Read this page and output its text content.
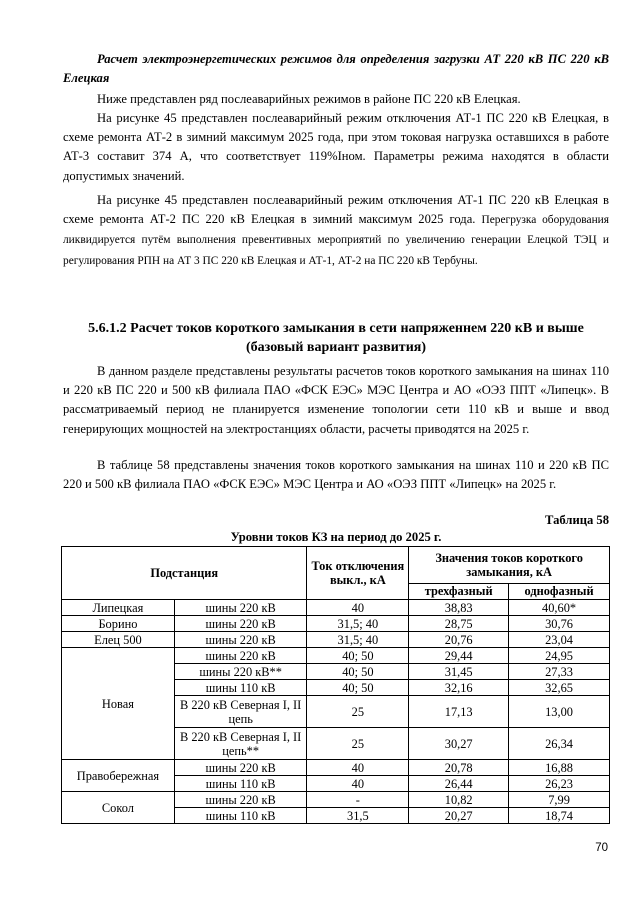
Расчет электроэнергетических режимов для определения загрузки АТ 220 кВ ПС 220 кВ Елецкая

Ниже представлен ряд послеаварийных режимов в районе ПС 220 кВ Елецкая.

На рисунке 45 представлен послеаварийный режим отключения АТ-1 ПС 220 кВ Елецкая, в схеме ремонта АТ-2 в зимний максимум 2025 года, при этом токовая нагрузка оставшихся в работе АТ-3 составит 374 А, что соответствует 119%Iном. Параметры режима находятся в области допустимых значений.

На рисунке 45 представлен послеаварийный режим отключения АТ-1 ПС 220 кВ Елецкая в схеме ремонта АТ-2 ПС 220 кВ Елецкая в зимний максимум 2025 года. Перегрузка оборудования ликвидируется путём выполнения превентивных мероприятий по увеличению генерации Елецкой ТЭЦ и регулирования РПН на АТ 3 ПС 220 кВ Елецкая и АТ-1, АТ-2 на ПС 220 кВ Тербуны.

5.6.1.2 Расчет токов короткого замыкания в сети напряженнем 220 кВ и выше (базовый вариант развития)

В данном разделе представлены результаты расчетов токов короткого замыкания на шинах 110 и 220 кВ ПС 220 и 500 кВ филиала ПАО «ФСК ЕЭС» МЭС Центра и АО «ОЭЗ ППТ «Липецк». В рассматриваемый период не планируется изменение топологии сети 110 кВ и выше и ввод генерирующих мощностей на электростанциях области, расчеты приводятся на 2025 г.

В таблице 58 представлены значения токов короткого замыкания на шинах 110 и 220 кВ ПС 220 и 500 кВ филиала ПАО «ФСК ЕЭС» МЭС Центра и АО «ОЭЗ ППТ «Липецк» на 2025 г.

Таблица 58
Уровни токов КЗ на период до 2025 г.
Подстанция		Ток отключения выкл., кА	Значения токов короткого замыкания, кА	
			трехфазный	однофазный
Липецкая	шины 220 кВ	40	38,83	40,60*
Борино	шины 220 кВ	31,5; 40	28,75	30,76
Елец 500	шины 220 кВ	31,5; 40	20,76	23,04
Новая	шины 220 кВ	40; 50	29,44	24,95
	шины 220 кВ**	40; 50	31,45	27,33
	шины 110 кВ	40; 50	32,16	32,65
	В 220 кВ Северная I, II цепь	25	17,13	13,00
	В 220 кВ Северная I, II цепь**	25	30,27	26,34
Правобережная	шины 220 кВ	40	20,78	16,88
	шины 110 кВ	40	26,44	26,23
Сокол	шины 220 кВ	-	10,82	7,99
	шины 110 кВ	31,5	20,27	18,74
70
